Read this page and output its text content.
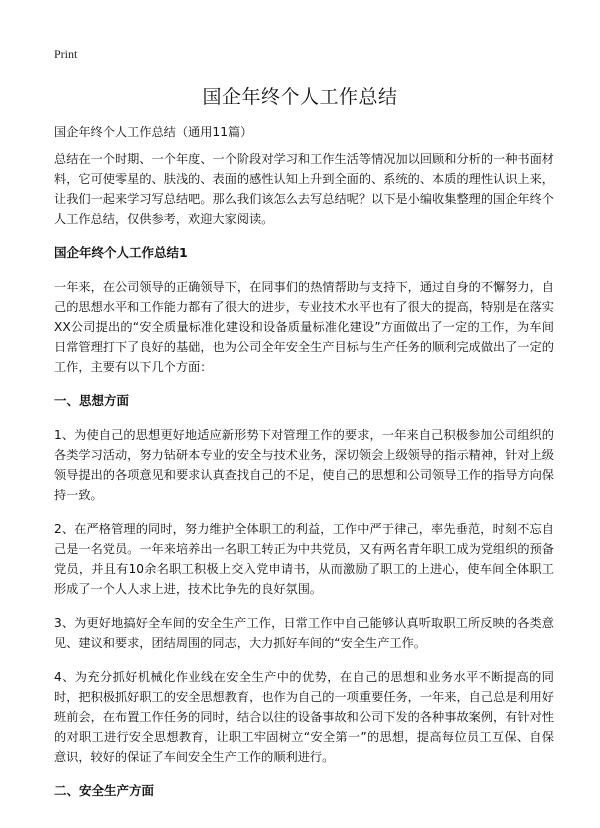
Print
国企年终个人工作总结

国企年终个人工作总结（通用11篇）

总结在一个时期、一个年度、一个阶段对学习和工作生活等情况加以回顾和分析的一种书面材料，它可使零星的、肤浅的、表面的感性认知上升到全面的、系统的、本质的理性认识上来，让我们一起来学习写总结吧。那么我们该怎么去写总结呢？以下是小编收集整理的国企年终个人工作总结，仅供参考，欢迎大家阅读。

国企年终个人工作总结1

一年来，在公司领导的正确领导下，在同事们的热情帮助与支持下，通过自身的不懈努力，自己的思想水平和工作能力都有了很大的进步，专业技术水平也有了很大的提高，特别是在落实XX公司提出的“安全质量标准化建设和设备质量标准化建设”方面做出了一定的工作，为车间日常管理打下了良好的基础，也为公司全年安全生产目标与生产任务的顺利完成做出了一定的工作，主要有以下几个方面：

一、思想方面

1、为使自己的思想更好地适应新形势下对管理工作的要求，一年来自己积极参加公司组织的各类学习活动，努力钻研本专业的安全与技术业务，深切领会上级领导的指示精神，针对上级领导提出的各项意见和要求认真查找自己的不足，使自己的思想和公司领导工作的指导方向保持一致。

2、在严格管理的同时，努力维护全体职工的利益，工作中严于律己，率先垂范，时刻不忘自己是一名党员。一年来培养出一名职工转正为中共党员，又有两名青年职工成为党组织的预备党员，并且有10余名职工积极上交入党申请书，从而激励了职工的上进心，使车间全体职工形成了一个人人求上进，技术比争先的良好氛围。

3、为更好地搞好全车间的安全生产工作，日常工作中自己能够认真听取职工所反映的各类意见、建议和要求，团结周围的同志，大力抓好车间的“安全生产工作。

4、为充分抓好机械化作业线在安全生产中的优势，在自己的思想和业务水平不断提高的同时，把积极抓好职工的安全思想教育，也作为自己的一项重要任务，一年来，自己总是利用好班前会，在布置工作任务的同时，结合以往的设备事故和公司下发的各种事故案例，有针对性的对职工进行安全思想教育，让职工牢固树立“安全第一”的思想，提高每位员工互保、自保意识，较好的保证了车间安全生产工作的顺利进行。

二、安全生产方面
